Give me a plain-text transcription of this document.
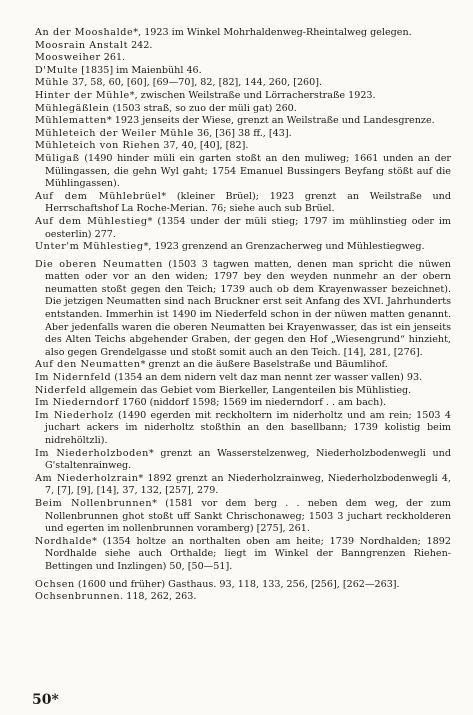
An der Mooshalde*, 1923 im Winkel Mohrhaldenweg-Rheintalweg gelegen.

Moosrain Anstalt 242.

Moosweiher 261.

D'Multe [1835] im Maienbühl 46.

Mühle 37, 58, 60, [60], [69—70], 82, [82], 144, 260, [260].

Hinter der Mühle*, zwischen Weilstraße und Lörracherstraße 1923.

Mühlegäßlein (1503 straß, so zuo der müli gat) 260.

Mühlematten* 1923 jenseits der Wiese, grenzt an Weilstraße und Landesgrenze.

Mühleteich der Weiler Mühle 36, [36] 38 ff., [43].

Mühleteich von Riehen 37, 40, [40], [82].

Müligaß (1490 hinder müli ein garten stoßt an den muliweg; 1661 unden an der Mülingassen, die gehn Wyl gaht; 1754 Emanuel Bussingers Beyfang stößt auf die Mühlingassen).

Auf dem Mühlebrüel* (kleiner Brüel); 1923 grenzt an Weilstraße und Herrschaftshof La Roche-Merian. 76; siehe auch sub Brüel.

Auf dem Mühlestieg* (1354 under der müli stieg; 1797 im mühlinstieg oder im oesterlin) 277.

Unter'm Mühlestieg*, 1923 grenzend an Grenzacherweg und Mühlestiegweg.

Die oberen Neumatten (1503 3 tagwen matten, denen man spricht die nüwen matten oder vor an den widen; 1797 bey den weyden nunmehr an der obern neumatten stoßt gegen den Teich; 1739 auch ob dem Krayenwasser bezeichnet). Die jetzigen Neumatten sind nach Bruckner erst seit Anfang des XVI. Jahrhunderts entstanden. Immerhin ist 1490 im Niederfeld schon in der nüwen matten genannt. Aber jedenfalls waren die oberen Neumatten bei Krayenwasser, das ist ein jenseits des Alten Teichs abgehender Graben, der gegen den Hof „Wiesengrund“ hinzieht, also gegen Grendelgasse und stoßt somit auch an den Teich. [14], 281, [276].

Auf den Neumatten* grenzt an die äußere Baselstraße und Bäumlihof.

Im Nidernfeld (1354 an dem nidern velt daz man nennt zer wasser vallen) 93.

Niderfeld allgemein das Gebiet vom Bierkeller, Langenteilen bis Mühlistieg.

Im Niederndorf 1760 (niddorf 1598; 1569 im niederndorf . . am bach).

Im Niederholz (1490 egerden mit reckholtern im niderholtz und am rein; 1503 4 juchart ackers im niderholtz stoßthin an den basellbann; 1739 kolistig beim nidrehöltzli).

Im Niederholzboden* grenzt an Wasserstelzenweg, Niederholzbodenwegli und G'staltenrainweg.

Am Niederholzrain* 1892 grenzt an Niederholzrainweg, Niederholzbodenwegli 4, 7, [7], [9], [14], 37, 132, [257], 279.

Beim Nollenbrunnen* (1581 vor dem berg . . neben dem weg, der zum Nollenbrunnen ghot stoßt uff Sankt Chrischonaweg; 1503 3 juchart reckholderen und egerten im nollenbrunnen voramberg) [275], 261.

Nordhalde* (1354 holtze an northalten oben am heite; 1739 Nordhalden; 1892 Nordhalde siehe auch Orthalde; liegt im Winkel der Banngrenzen Riehen-Bettingen und Inzlingen) 50, [50—51].

Ochsen (1600 und früher) Gasthaus. 93, 118, 133, 256, [256], [262—263].

Ochsenbrunnen. 118, 262, 263.

50*
